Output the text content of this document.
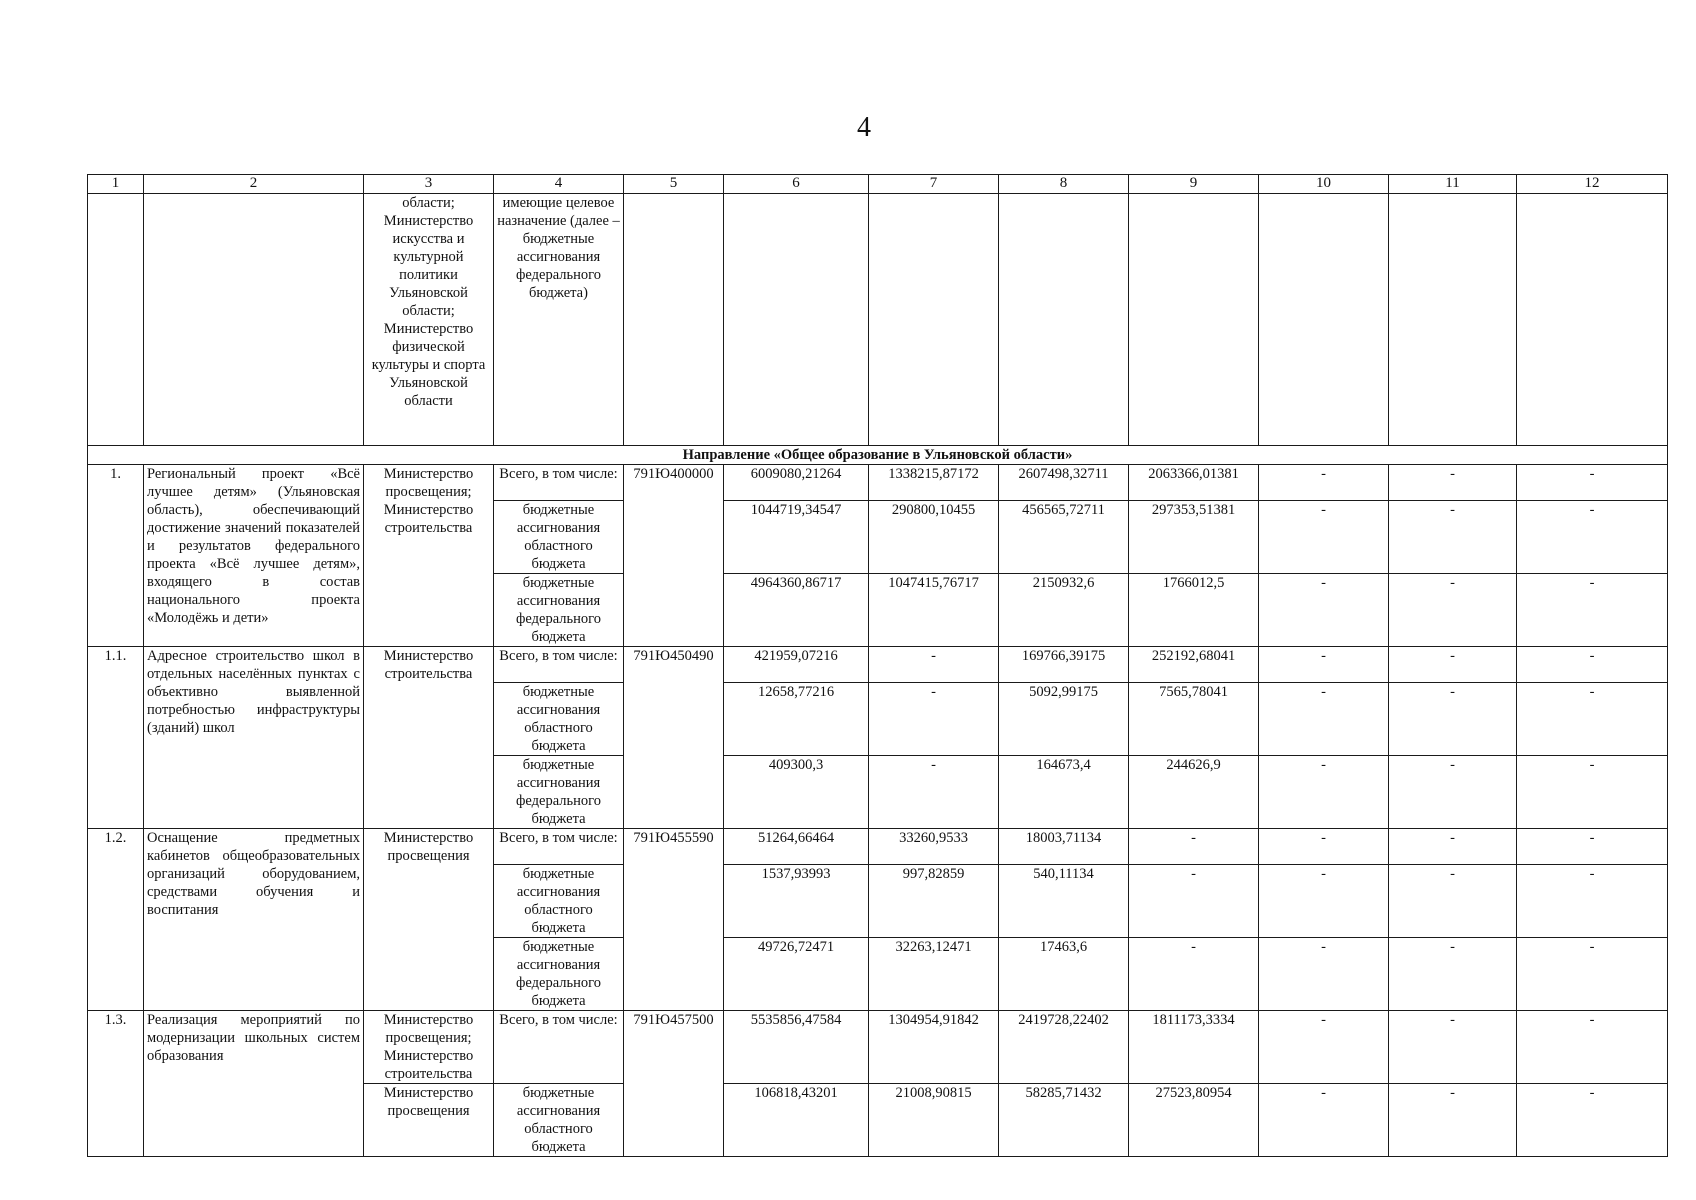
4
1	2	3	4	5	6	7	8	9	10	11	12
		области; Министерство искусства и культурной политики Ульяновской области; Министерство физической культуры и спорта Ульяновской области	имеющие целевое назначение (далее – бюджетные ассигнования федерального бюджета)								
Направление «Общее образование в Ульяновской области»											
1.	Региональный проект «Всё лучшее детям» (Ульяновская область), обеспечивающий достижение значений показателей и результатов федерального проекта «Всё лучшее детям», входящего в состав национального проекта «Молодёжь и дети»	Министерство просвещения; Министерство строительства	Всего, в том числе:	791Ю400000	6009080,21264	1338215,87172	2607498,32711	2063366,01381	-	-	-
			бюджетные ассигнования областного бюджета		1044719,34547	290800,10455	456565,72711	297353,51381	-	-	-
			бюджетные ассигнования федерального бюджета		4964360,86717	1047415,76717	2150932,6	1766012,5	-	-	-
1.1.	Адресное строительство школ в отдельных населённых пунктах с объективно выявленной потребностью инфраструктуры (зданий) школ	Министерство строительства	Всего, в том числе:	791Ю450490	421959,07216	-	169766,39175	252192,68041	-	-	-
			бюджетные ассигнования областного бюджета		12658,77216	-	5092,99175	7565,78041	-	-	-
			бюджетные ассигнования федерального бюджета		409300,3	-	164673,4	244626,9	-	-	-
1.2.	Оснащение предметных кабинетов общеобразовательных организаций оборудованием, средствами обучения и воспитания	Министерство просвещения	Всего, в том числе:	791Ю455590	51264,66464	33260,9533	18003,71134	-	-	-	-
			бюджетные ассигнования областного бюджета		1537,93993	997,82859	540,11134	-	-	-	-
			бюджетные ассигнования федерального бюджета		49726,72471	32263,12471	17463,6	-	-	-	-
1.3.	Реализация мероприятий по модернизации школьных систем образования	Министерство просвещения; Министерство строительства	Всего, в том числе:	791Ю457500	5535856,47584	1304954,91842	2419728,22402	1811173,3334	-	-	-
		Министерство просвещения	бюджетные ассигнования областного бюджета		106818,43201	21008,90815	58285,71432	27523,80954	-	-	-
